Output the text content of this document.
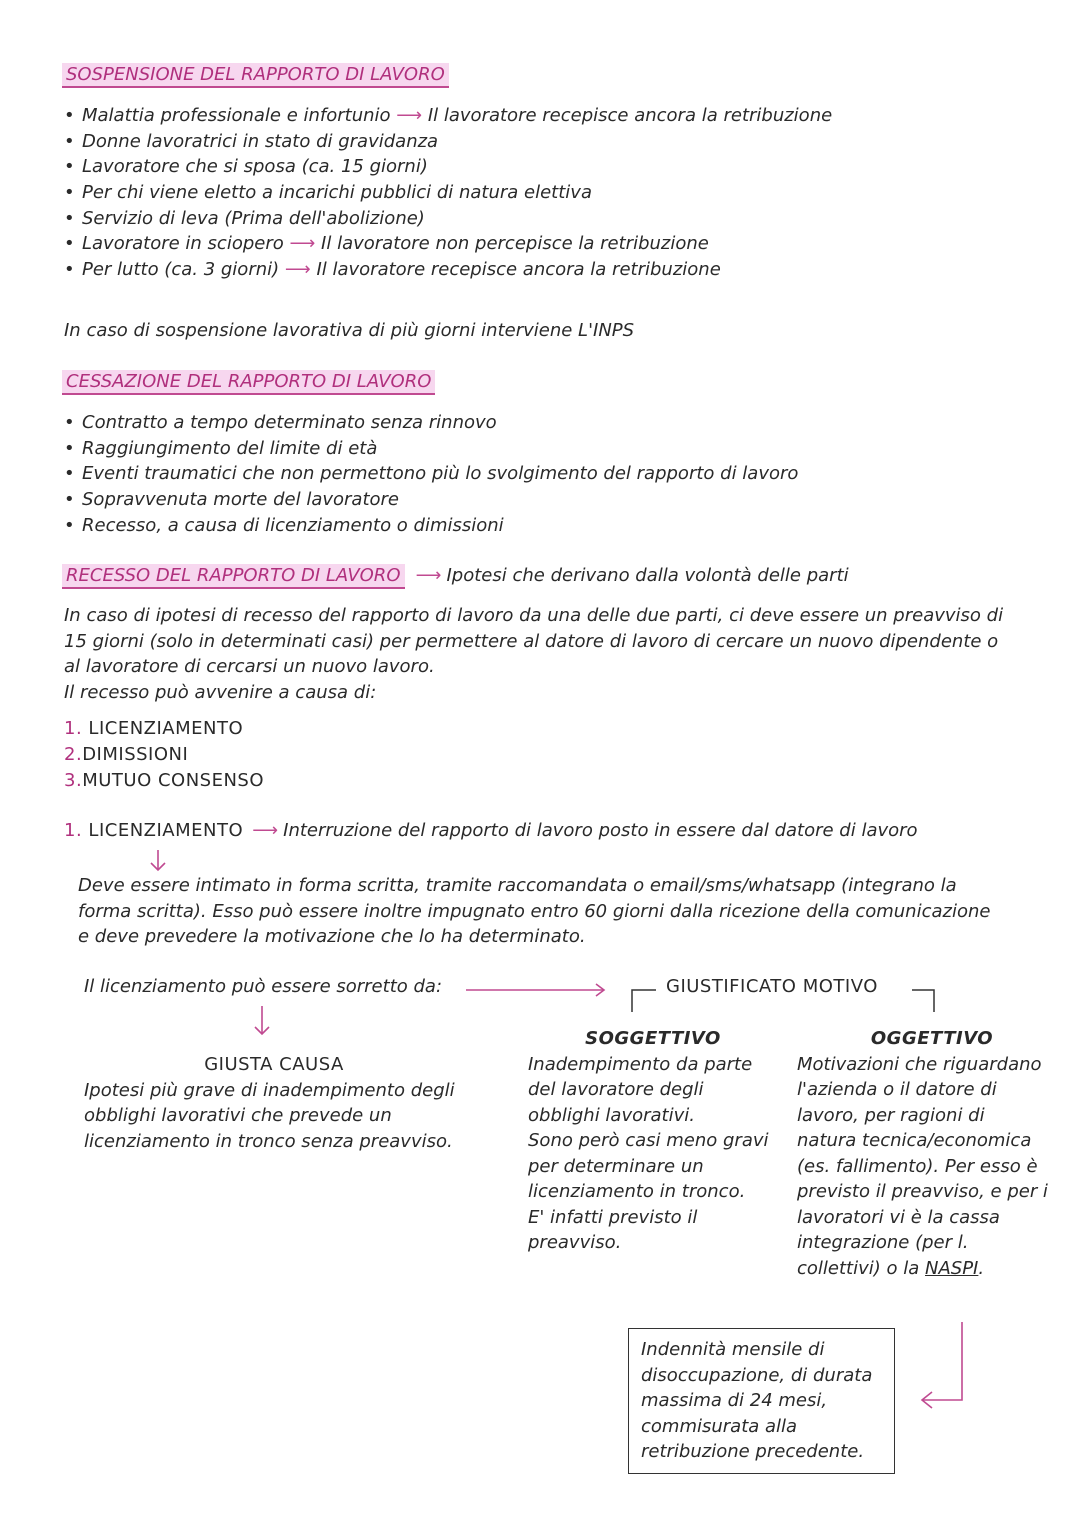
SOSPENSIONE DEL RAPPORTO DI LAVORO
• Malattia professionale e infortunio ⟶ Il lavoratore recepisce ancora la retribuzione
• Donne lavoratrici in stato di gravidanza
• Lavoratore che si sposa (ca. 15 giorni)
• Per chi viene eletto a incarichi pubblici di natura elettiva
• Servizio di leva (Prima dell'abolizione)
• Lavoratore in sciopero ⟶ Il lavoratore non percepisce la retribuzione
• Per lutto (ca. 3 giorni) ⟶ Il lavoratore recepisce ancora la retribuzione
In caso di sospensione lavorativa di più giorni interviene L'INPS
CESSAZIONE DEL RAPPORTO DI LAVORO
• Contratto a tempo determinato senza rinnovo
• Raggiungimento del limite di età
• Eventi traumatici che non permettono più lo svolgimento del rapporto di lavoro
• Sopravvenuta morte del lavoratore
• Recesso, a causa di licenziamento o dimissioni
RECESSO DEL RAPPORTO DI LAVORO ⟶ Ipotesi che derivano dalla volontà delle parti
In caso di ipotesi di recesso del rapporto di lavoro da una delle due parti, ci deve essere un preavviso di
15 giorni (solo in determinati casi) per permettere al datore di lavoro di cercare un nuovo dipendente o
al lavoratore di cercarsi un nuovo lavoro.
Il recesso può avvenire a causa di:
1. LICENZIAMENTO
2.DIMISSIONI
3.MUTUO CONSENSO
1. LICENZIAMENTO ⟶ Interruzione del rapporto di lavoro posto in essere dal datore di lavoro
Deve essere intimato in forma scritta, tramite raccomandata o email/sms/whatsapp (integrano la
forma scritta). Esso può essere inoltre impugnato entro 60 giorni dalla ricezione della comunicazione
e deve prevedere la motivazione che lo ha determinato.
Il licenziamento può essere sorretto da:	GIUSTIFICATO MOTIVO
GIUSTA CAUSA
Ipotesi più grave di inadempimento degli
obblighi lavorativi che prevede un
licenziamento in tronco senza preavviso.
SOGGETTIVO
Inadempimento da parte
del lavoratore degli
obblighi lavorativi.
Sono però casi meno gravi
per determinare un
licenziamento in tronco.
E' infatti previsto il
preavviso.
OGGETTIVO
Motivazioni che riguardano
l'azienda o il datore di
lavoro, per ragioni di
natura tecnica/economica
(es. fallimento). Per esso è
previsto il preavviso, e per i
lavoratori vi è la cassa
integrazione (per l.
collettivi) o la NASPI.
Indennità mensile di
disoccupazione, di durata
massima di 24 mesi,
commisurata alla
retribuzione precedente.
